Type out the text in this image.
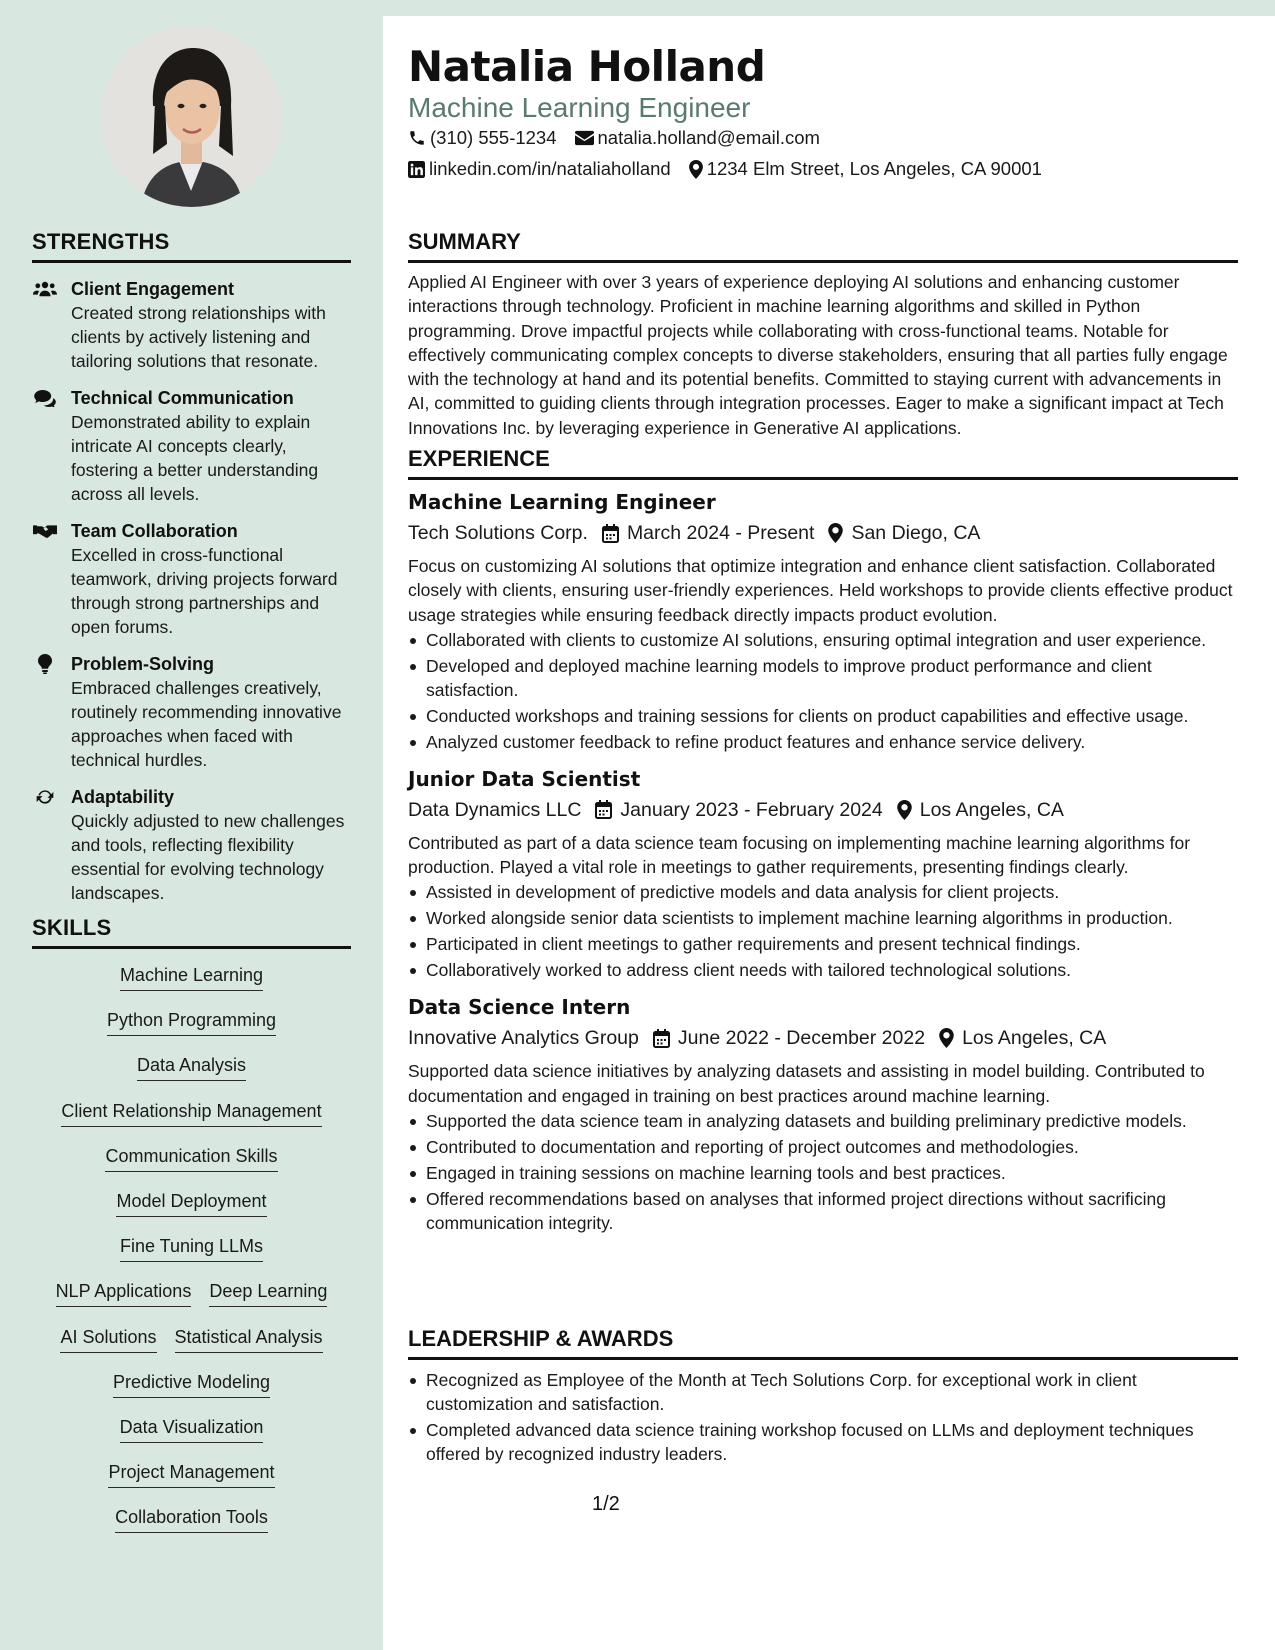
STRENGTHS
Client Engagement
Created strong relationships with clients by actively listening and tailoring solutions that resonate.
Technical Communication
Demonstrated ability to explain intricate AI concepts clearly, fostering a better understanding across all levels.
Team Collaboration
Excelled in cross-functional teamwork, driving projects forward through strong partnerships and open forums.
Problem-Solving
Embraced challenges creatively, routinely recommending innovative approaches when faced with technical hurdles.
Adaptability
Quickly adjusted to new challenges and tools, reflecting flexibility essential for evolving technology landscapes.
SKILLS
Machine Learning
Python Programming
Data Analysis
Client Relationship Management
Communication Skills
Model Deployment
Fine Tuning LLMs
NLP Applications Deep Learning
AI Solutions Statistical Analysis
Predictive Modeling
Data Visualization
Project Management
Collaboration Tools
Natalia Holland
Machine Learning Engineer
(310) 555-1234 natalia.holland@email.com
linkedin.com/in/nataliaholland 1234 Elm Street, Los Angeles, CA 90001
SUMMARY

Applied AI Engineer with over 3 years of experience deploying AI solutions and enhancing customer interactions through technology. Proficient in machine learning algorithms and skilled in Python programming. Drove impactful projects while collaborating with cross-functional teams. Notable for effectively communicating complex concepts to diverse stakeholders, ensuring that all parties fully engage with the technology at hand and its potential benefits. Committed to staying current with advancements in AI, committed to guiding clients through integration processes. Eager to make a significant impact at Tech Innovations Inc. by leveraging experience in Generative AI applications.

EXPERIENCE
Machine Learning Engineer
Tech Solutions Corp. March 2024 - Present San Diego, CA

Focus on customizing AI solutions that optimize integration and enhance client satisfaction. Collaborated closely with clients, ensuring user-friendly experiences. Held workshops to provide clients effective product usage strategies while ensuring feedback directly impacts product evolution.

Collaborated with clients to customize AI solutions, ensuring optimal integration and user experience.
Developed and deployed machine learning models to improve product performance and client satisfaction.
Conducted workshops and training sessions for clients on product capabilities and effective usage.
Analyzed customer feedback to refine product features and enhance service delivery.
Junior Data Scientist
Data Dynamics LLC January 2023 - February 2024 Los Angeles, CA

Contributed as part of a data science team focusing on implementing machine learning algorithms for production. Played a vital role in meetings to gather requirements, presenting findings clearly.

Assisted in development of predictive models and data analysis for client projects.
Worked alongside senior data scientists to implement machine learning algorithms in production.
Participated in client meetings to gather requirements and present technical findings.
Collaboratively worked to address client needs with tailored technological solutions.
Data Science Intern
Innovative Analytics Group June 2022 - December 2022 Los Angeles, CA

Supported data science initiatives by analyzing datasets and assisting in model building. Contributed to documentation and engaged in training on best practices around machine learning.

Supported the data science team in analyzing datasets and building preliminary predictive models.
Contributed to documentation and reporting of project outcomes and methodologies.
Engaged in training sessions on machine learning tools and best practices.
Offered recommendations based on analyses that informed project directions without sacrificing communication integrity.
LEADERSHIP & AWARDS
Recognized as Employee of the Month at Tech Solutions Corp. for exceptional work in client customization and satisfaction.
Completed advanced data science training workshop focused on LLMs and deployment techniques offered by recognized industry leaders.
1/2
